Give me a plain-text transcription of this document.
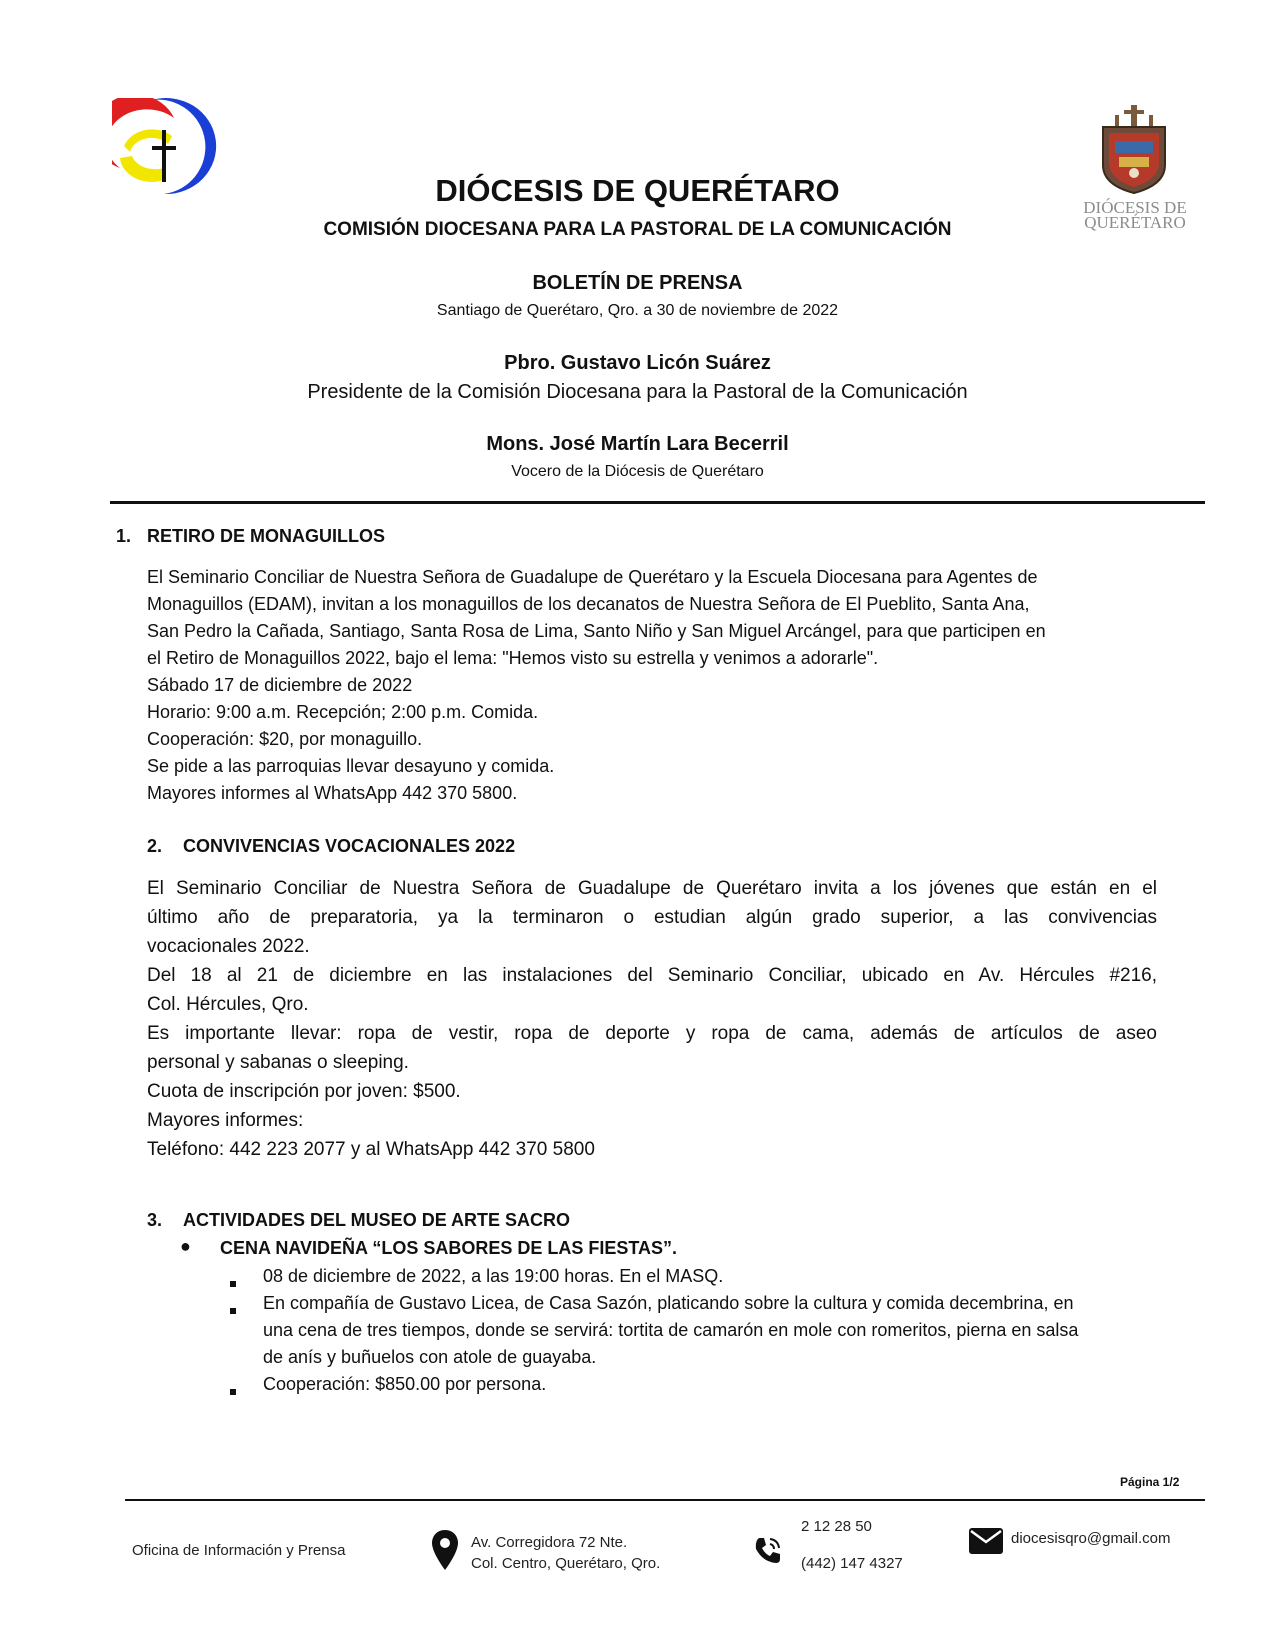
DIÓCESIS DE
QUERÉTARO
DIÓCESIS DE QUERÉTARO
COMISIÓN DIOCESANA PARA LA PASTORAL DE LA COMUNICACIÓN
BOLETÍN DE PRENSA
Santiago de Querétaro, Qro. a 30 de noviembre de 2022
Pbro. Gustavo Licón Suárez
Presidente de la Comisión Diocesana para la Pastoral de la Comunicación
Mons. José Martín Lara Becerril
Vocero de la Diócesis de Querétaro
1. RETIRO DE MONAGUILLOS
El Seminario Conciliar de Nuestra Señora de Guadalupe de Querétaro y la Escuela Diocesana para Agentes de
Monaguillos (EDAM), invitan a los monaguillos de los decanatos de Nuestra Señora de El Pueblito, Santa Ana,
San Pedro la Cañada, Santiago, Santa Rosa de Lima, Santo Niño y San Miguel Arcángel, para que participen en
el Retiro de Monaguillos 2022, bajo el lema: "Hemos visto su estrella y venimos a adorarle".
Sábado 17 de diciembre de 2022
Horario: 9:00 a.m. Recepción; 2:00 p.m. Comida.
Cooperación: $20, por monaguillo.
Se pide a las parroquias llevar desayuno y comida.
Mayores informes al WhatsApp 442 370 5800.
2. CONVIVENCIAS VOCACIONALES 2022
El Seminario Conciliar de Nuestra Señora de Guadalupe de Querétaro invita a los jóvenes que están en el
último año de preparatoria, ya la terminaron o estudian algún grado superior, a las convivencias
vocacionales 2022.
Del 18 al 21 de diciembre en las instalaciones del Seminario Conciliar, ubicado en Av. Hércules #216,
Col. Hércules, Qro.
Es importante llevar: ropa de vestir, ropa de deporte y ropa de cama, además de artículos de aseo
personal y sabanas o sleeping.
Cuota de inscripción por joven: $500.
Mayores informes:
Teléfono: 442 223 2077 y al WhatsApp 442 370 5800
3. ACTIVIDADES DEL MUSEO DE ARTE SACRO
● CENA NAVIDEÑA “LOS SABORES DE LAS FIESTAS”.
08 de diciembre de 2022, a las 19:00 horas. En el MASQ.
En compañía de Gustavo Licea, de Casa Sazón, platicando sobre la cultura y comida decembrina, en
una cena de tres tiempos, donde se servirá: tortita de camarón en mole con romeritos, pierna en salsa
de anís y buñuelos con atole de guayaba.
Cooperación: $850.00 por persona.
Página 1/2
Oficina de Información y Prensa	Av. Corregidora 72 Nte.
Col. Centro, Querétaro, Qro.
2 12 28 50
(442) 147 4327
diocesisqro@gmail.com
